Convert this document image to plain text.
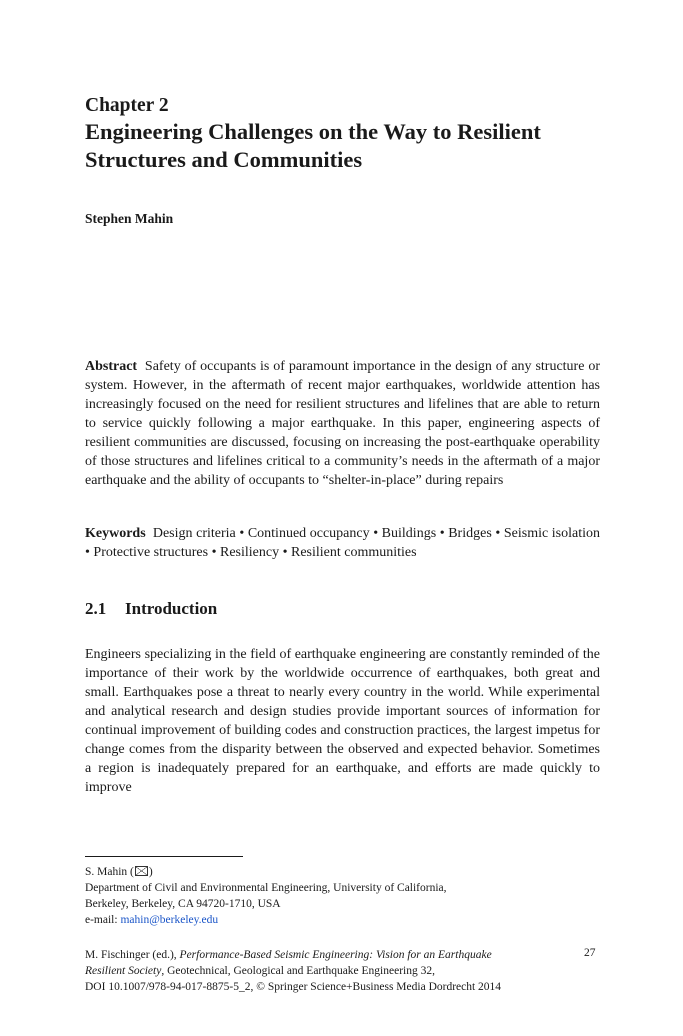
Chapter 2
Engineering Challenges on the Way to Resilient Structures and Communities
Stephen Mahin
Abstract Safety of occupants is of paramount importance in the design of any structure or system. However, in the aftermath of recent major earthquakes, worldwide attention has increasingly focused on the need for resilient structures and lifelines that are able to return to service quickly following a major earthquake. In this paper, engineering aspects of resilient communities are discussed, focusing on increasing the post-earthquake operability of those structures and lifelines critical to a community’s needs in the aftermath of a major earthquake and the ability of occupants to “shelter-in-place” during repairs
Keywords Design criteria • Continued occupancy • Buildings • Bridges • Seismic isolation • Protective structures • Resiliency • Resilient communities
2.1 Introduction
Engineers specializing in the field of earthquake engineering are constantly reminded of the importance of their work by the worldwide occurrence of earthquakes, both great and small. Earthquakes pose a threat to nearly every country in the world. While experimental and analytical research and design studies provide important sources of information for continual improvement of building codes and construction practices, the largest impetus for change comes from the disparity between the observed and expected behavior. Sometimes a region is inadequately prepared for an earthquake, and efforts are made quickly to improve
S. Mahin ( )
Department of Civil and Environmental Engineering, University of California,
Berkeley, Berkeley, CA 94720-1710, USA
e-mail: mahin@berkeley.edu
M. Fischinger (ed.), Performance-Based Seismic Engineering: Vision for an Earthquake
Resilient Society, Geotechnical, Geological and Earthquake Engineering 32,
DOI 10.1007/978-94-017-8875-5_2, © Springer Science+Business Media Dordrecht 2014
27
